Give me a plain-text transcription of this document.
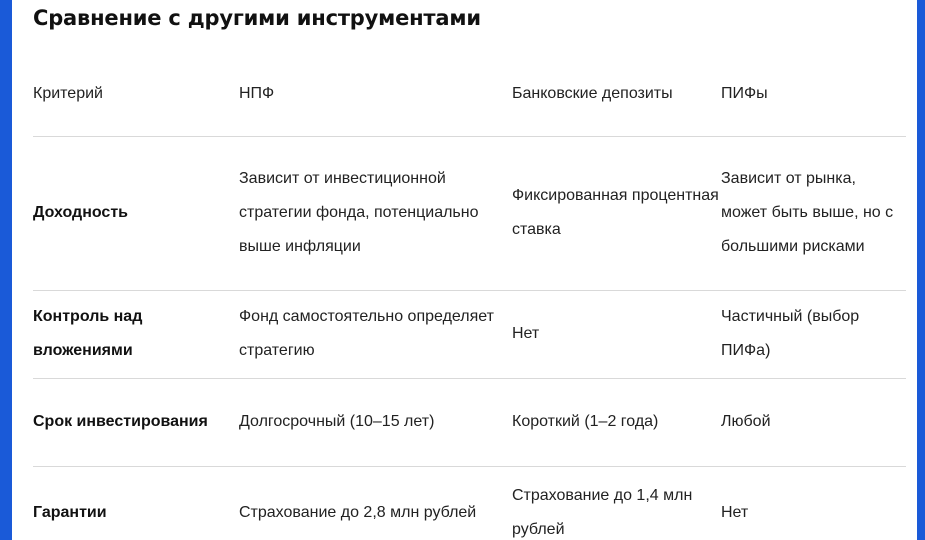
Сравнение с другими инструментами
Критерий	НПФ	Банковские депозиты	ПИФы
Доходность	Зависит от инвестиционной стратегии фонда, потенциально выше инфляции	Фиксированная процентная ставка	Зависит от рынка, может быть выше, но с большими рисками
Контроль над вложениями	Фонд самостоятельно определяет стратегию	Нет	Частичный (выбор ПИФа)
Срок инвестирования	Долгосрочный (10–15 лет)	Короткий (1–2 года)	Любой
Гарантии	Страхование до 2,8 млн рублей	Страхование до 1,4 млн рублей	Нет
